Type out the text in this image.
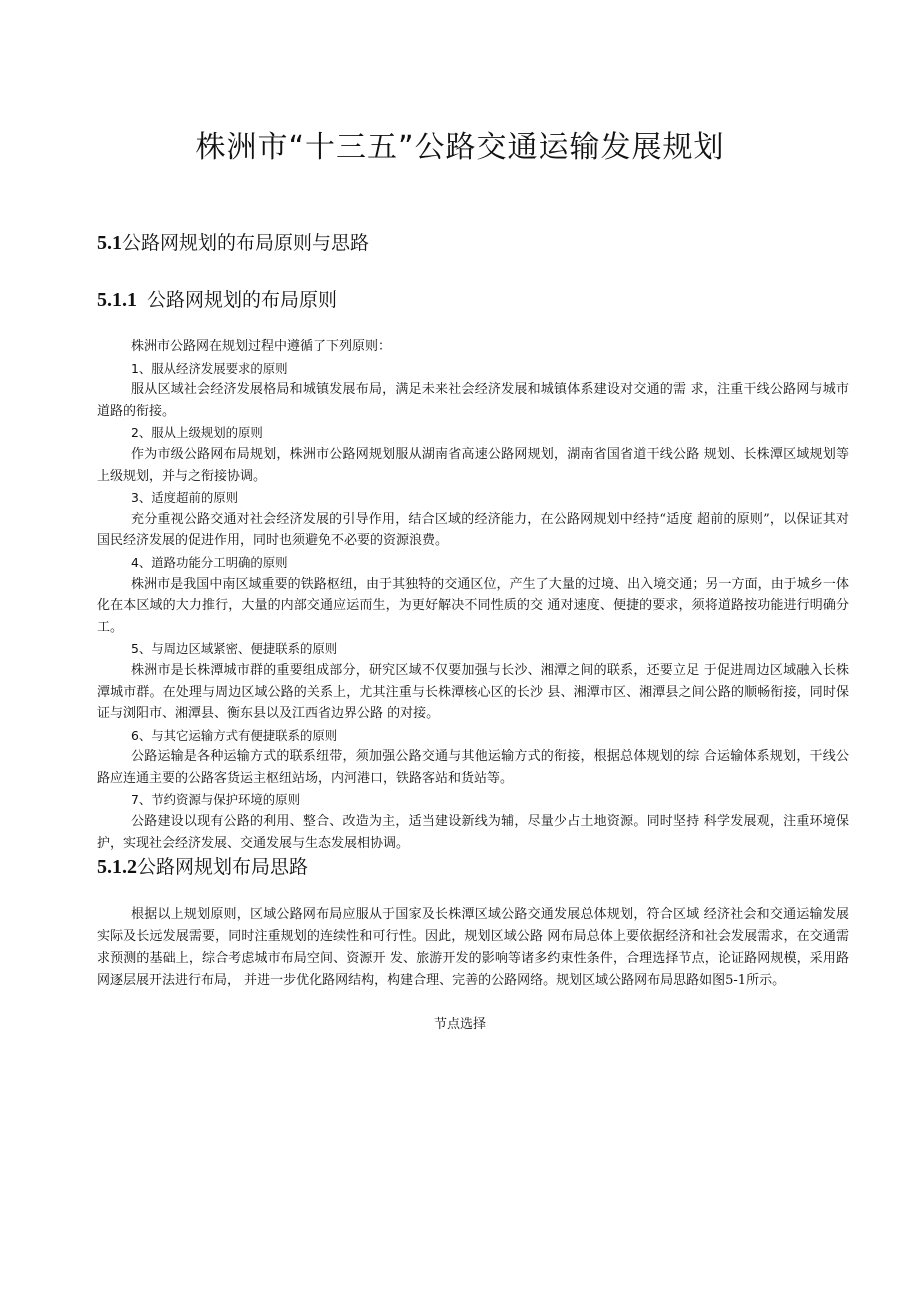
株洲市“十三五”公路交通运输发展规划
5.1公路网规划的布局原则与思路
5.1.1 公路网规划的布局原则

株洲市公路网在规划过程中遵循了下列原则：

1、服从经济发展要求的原则

服从区域社会经济发展格局和城镇发展布局，满足未来社会经济发展和城镇体系建设对交通的需 求，注重干线公路网与城市道路的衔接。

2、服从上级规划的原则

作为市级公路网布局规划，株洲市公路网规划服从湖南省高速公路网规划，湖南省国省道干线公路 规划、长株潭区域规划等上级规划，并与之衔接协调。

3、适度超前的原则

充分重视公路交通对社会经济发展的引导作用，结合区域的经济能力，在公路网规划中经持“适度 超前的原则”，以保证其对国民经济发展的促进作用，同时也须避免不必要的资源浪费。

4、道路功能分工明确的原则

株洲市是我国中南区域重要的铁路枢纽，由于其独特的交通区位，产生了大量的过境、出入境交通；另一方面，由于城乡一体化在本区域的大力推行，大量的内部交通应运而生，为更好解决不同性质的交 通对速度、便捷的要求，须将道路按功能进行明确分工。

5、与周边区域紧密、便捷联系的原则

株洲市是长株潭城市群的重要组成部分，研究区域不仅要加强与长沙、湘潭之间的联系，还要立足 于促进周边区域融入长株潭城市群。在处理与周边区域公路的关系上，尤其注重与长株潭核心区的长沙 县、湘潭市区、湘潭县之间公路的顺畅衔接，同时保证与浏阳市、湘潭县、衡东县以及江西省边界公路 的对接。

6、与其它运输方式有便捷联系的原则

公路运输是各种运输方式的联系纽带，须加强公路交通与其他运输方式的衔接，根据总体规划的综 合运输体系规划，干线公路应连通主要的公路客货运主枢纽站场，内河港口，铁路客站和货站等。

7、节约资源与保护环境的原则

公路建设以现有公路的利用、整合、改造为主，适当建设新线为辅，尽量少占土地资源。同时坚持 科学发展观，注重环境保护，实现社会经济发展、交通发展与生态发展相协调。

5.1.2公路网规划布局思路

根据以上规划原则，区域公路网布局应服从于国家及长株潭区域公路交通发展总体规划，符合区域 经济社会和交通运输发展实际及长远发展需要，同时注重规划的连续性和可行性。因此，规划区域公路 网布局总体上要依据经济和社会发展需求，在交通需求预测的基础上，综合考虑城市布局空间、资源开 发、旅游开发的影响等诸多约束性条件，合理选择节点，论证路网规模，采用路网逐层展开法进行布局， 并进一步优化路网结构，构建合理、完善的公路网络。规划区域公路网布局思路如图5-1所示。

节点选择
